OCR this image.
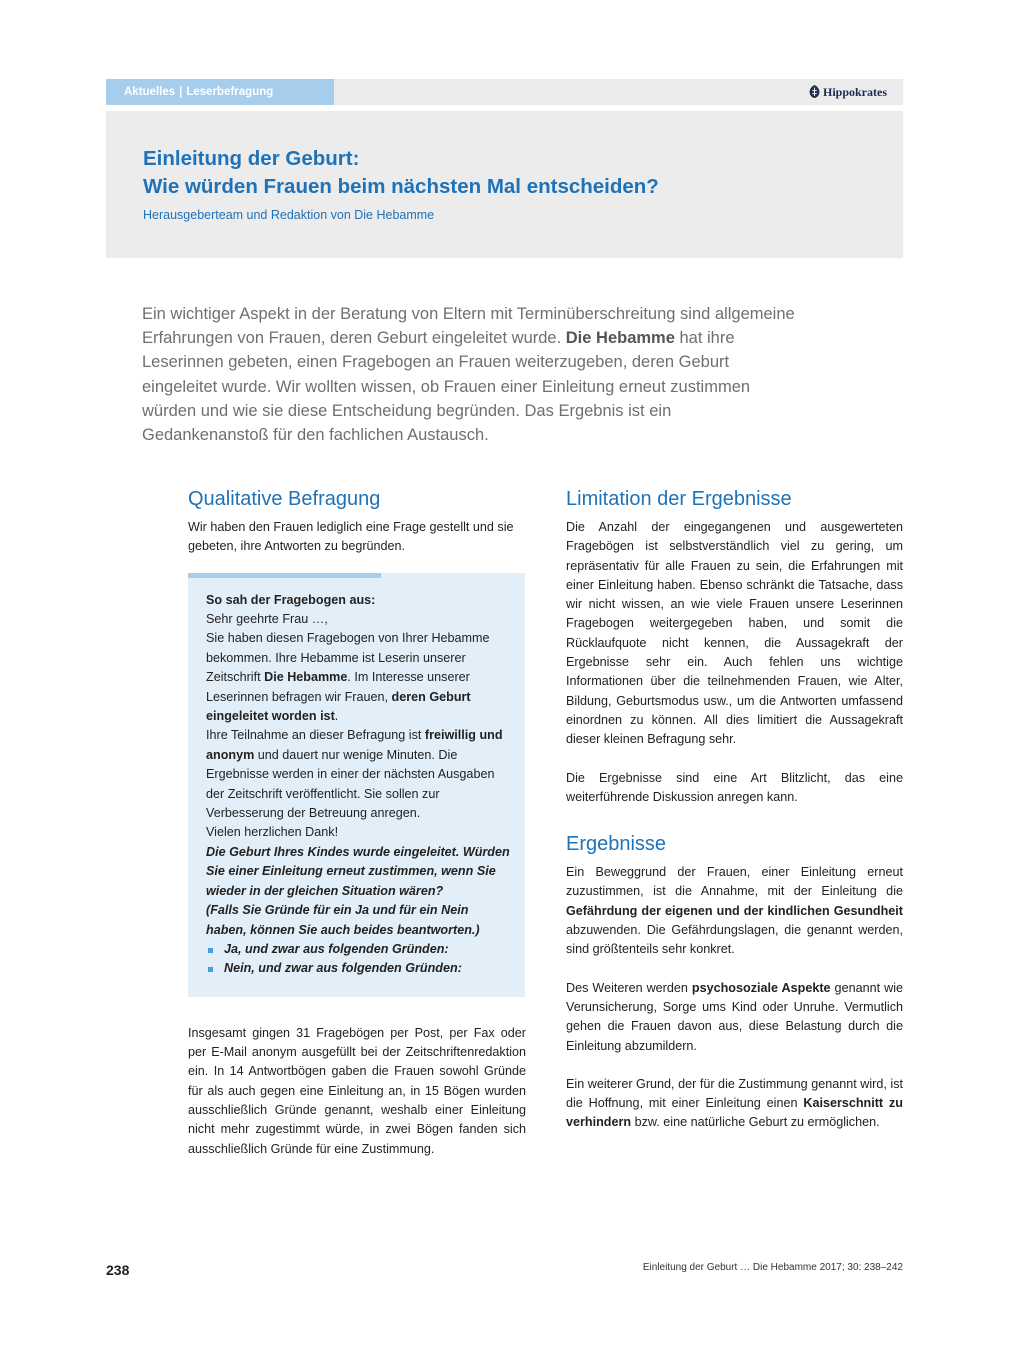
Aktuelles | Leserbefragung	Hippokrates
Einleitung der Geburt:
Wie würden Frauen beim nächsten Mal entscheiden?

Herausgeberteam und Redaktion von Die Hebamme

Ein wichtiger Aspekt in der Beratung von Eltern mit Terminüberschreitung sind allgemeine Erfahrungen von Frauen, deren Geburt eingeleitet wurde. Die Hebamme hat ihre Leserinnen gebeten, einen Fragebogen an Frauen weiterzugeben, deren Geburt eingeleitet wurde. Wir wollten wissen, ob Frauen einer Einleitung erneut zustimmen würden und wie sie diese Entscheidung begründen. Das Ergebnis ist ein Gedankenanstoß für den fachlichen Austausch.

Qualitative Befragung

Wir haben den Frauen lediglich eine Frage gestellt und sie gebeten, ihre Antworten zu begründen.

So sah der Fragebogen aus:
Sehr geehrte Frau …,
Sie haben diesen Fragebogen von Ihrer Hebamme bekommen. Ihre Hebamme ist Leserin unserer Zeitschrift Die Hebamme. Im Interesse unserer Leserinnen befragen wir Frauen, deren Geburt eingeleitet worden ist.
Ihre Teilnahme an dieser Befragung ist freiwillig und anonym und dauert nur wenige Minuten. Die Ergebnisse werden in einer der nächsten Ausgaben der Zeitschrift veröffentlicht. Sie sollen zur Verbesserung der Betreuung anregen.
Vielen herzlichen Dank!
Die Geburt Ihres Kindes wurde eingeleitet. Würden Sie einer Einleitung erneut zustimmen, wenn Sie wieder in der gleichen Situation wären?
(Falls Sie Gründe für ein Ja und für ein Nein haben, können Sie auch beides beantworten.)
Ja, und zwar aus folgenden Gründen:
Nein, und zwar aus folgenden Gründen:

Insgesamt gingen 31 Fragebögen per Post, per Fax oder per E-Mail anonym ausgefüllt bei der Zeitschriftenredaktion ein. In 14 Antwortbögen gaben die Frauen sowohl Gründe für als auch gegen eine Einleitung an, in 15 Bögen wurden ausschließlich Gründe genannt, weshalb einer Einleitung nicht mehr zugestimmt würde, in zwei Bögen fanden sich ausschließlich Gründe für eine Zustimmung.

Limitation der Ergebnisse

Die Anzahl der eingegangenen und ausgewerteten Fragebögen ist selbstverständlich viel zu gering, um repräsentativ für alle Frauen zu sein, die Erfahrungen mit einer Einleitung haben. Ebenso schränkt die Tatsache, dass wir nicht wissen, an wie viele Frauen unsere Leserinnen Fragebogen weitergegeben haben, und somit die Rücklaufquote nicht kennen, die Aussagekraft der Ergebnisse sehr ein. Auch fehlen uns wichtige Informationen über die teilnehmenden Frauen, wie Alter, Bildung, Geburtsmodus usw., um die Antworten umfassend einordnen zu können. All dies limitiert die Aussagekraft dieser kleinen Befragung sehr.

Die Ergebnisse sind eine Art Blitzlicht, das eine weiterführende Diskussion anregen kann.

Ergebnisse

Ein Beweggrund der Frauen, einer Einleitung erneut zuzustimmen, ist die Annahme, mit der Einleitung die Gefährdung der eigenen und der kindlichen Gesundheit abzuwenden. Die Gefährdungslagen, die genannt werden, sind größtenteils sehr konkret.

Des Weiteren werden psychosoziale Aspekte genannt wie Verunsicherung, Sorge ums Kind oder Unruhe. Vermutlich gehen die Frauen davon aus, diese Belastung durch die Einleitung abzumildern.

Ein weiterer Grund, der für die Zustimmung genannt wird, ist die Hoffnung, mit einer Einleitung einen Kaiserschnitt zu verhindern bzw. eine natürliche Geburt zu ermöglichen.

238	Einleitung der Geburt … Die Hebamme 2017; 30: 238–242
